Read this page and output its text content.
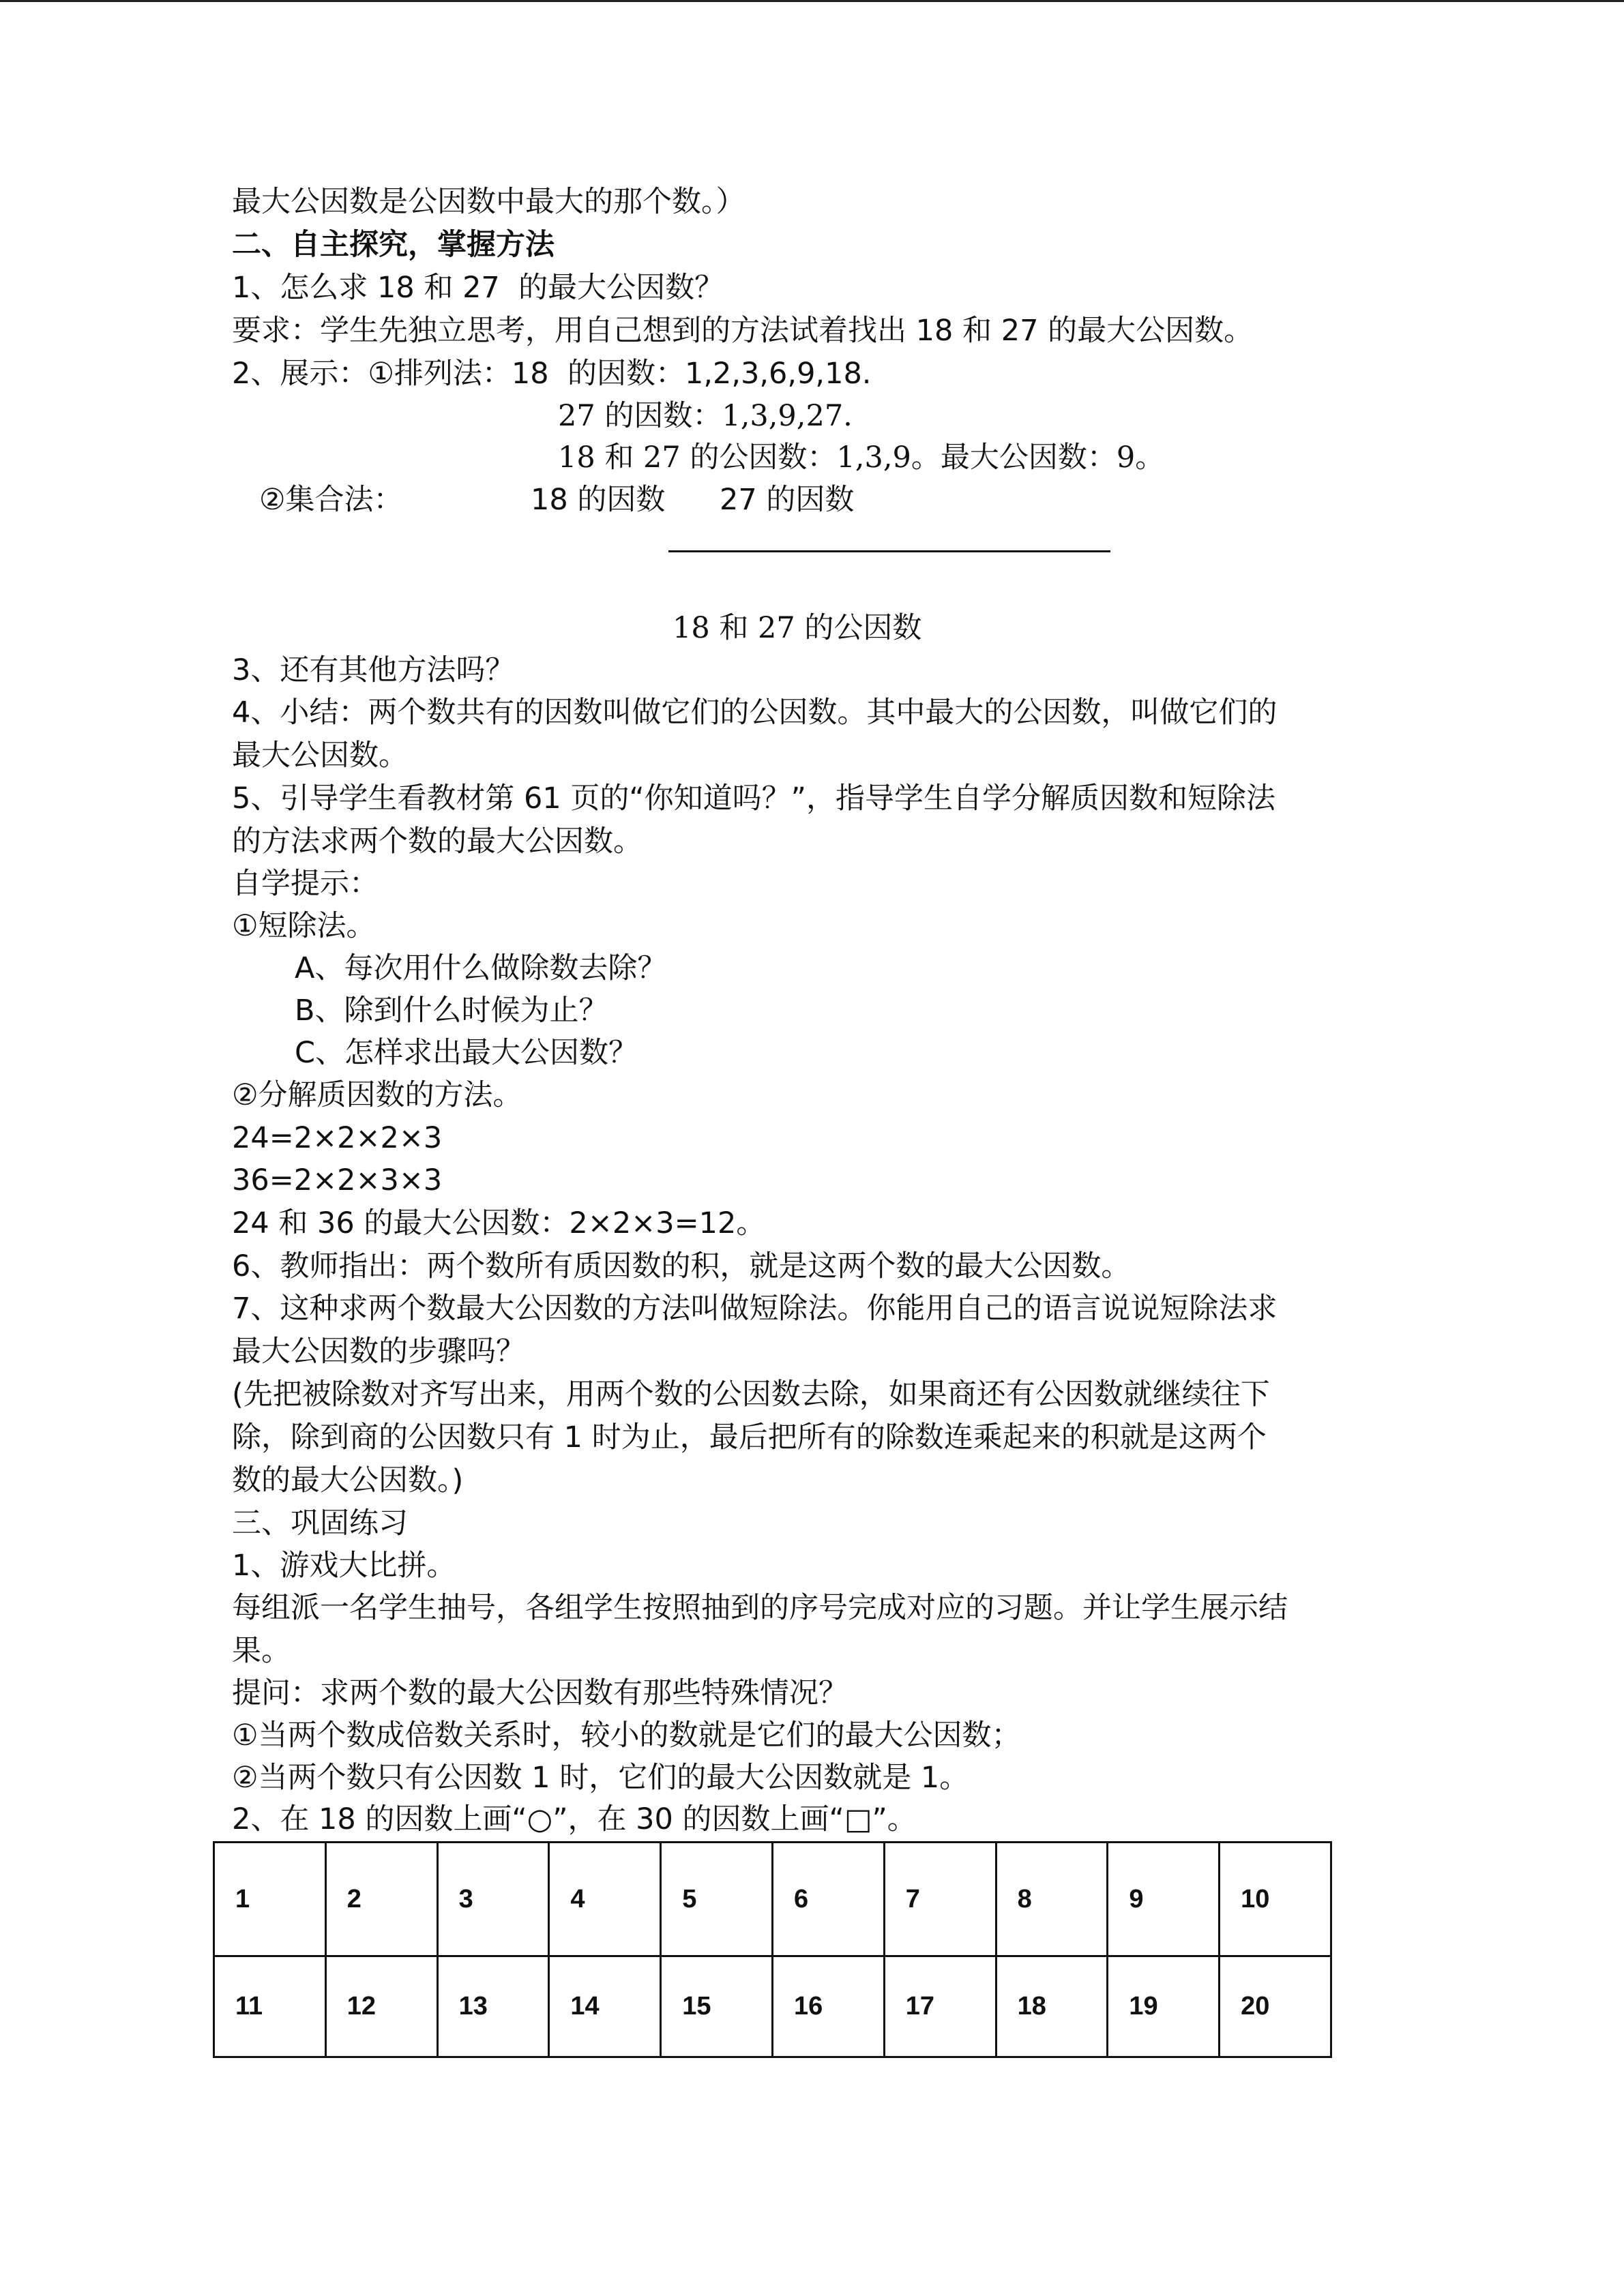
最大公因数是公因数中最大的那个数。）
二、自主探究，掌握方法
1、怎么求 18 和 27  的最大公因数？
要求：学生先独立思考，用自己想到的方法试着找出 18 和 27 的最大公因数。
2、展示：①排列法：18  的因数：1,2,3,6,9,18.
27 的因数：1,3,9,27.
18 和 27 的公因数：1,3,9。最大公因数：9。
②集合法：	18 的因数 27 的因数
18 和 27 的公因数
3、还有其他方法吗？
4、小结：两个数共有的因数叫做它们的公因数。其中最大的公因数，叫做它们的
最大公因数。
5、引导学生看教材第 61 页的“你知道吗？”，指导学生自学分解质因数和短除法
的方法求两个数的最大公因数。
自学提示：
①短除法。
A、每次用什么做除数去除？
B、除到什么时候为止？
C、怎样求出最大公因数？
②分解质因数的方法。
24=2×2×2×3
36=2×2×3×3
24 和 36 的最大公因数：2×2×3=12。
6、教师指出：两个数所有质因数的积，就是这两个数的最大公因数。
7、这种求两个数最大公因数的方法叫做短除法。你能用自己的语言说说短除法求
最大公因数的步骤吗？
(先把被除数对齐写出来，用两个数的公因数去除，如果商还有公因数就继续往下
除，除到商的公因数只有 1 时为止，最后把所有的除数连乘起来的积就是这两个
数的最大公因数。)
三、巩固练习
1、游戏大比拼。
每组派一名学生抽号，各组学生按照抽到的序号完成对应的习题。并让学生展示结
果。
提问：求两个数的最大公因数有那些特殊情况？
①当两个数成倍数关系时，较小的数就是它们的最大公因数；
②当两个数只有公因数 1 时，它们的最大公因数就是 1。
2、在 18 的因数上画“○”，在 30 的因数上画“□”。
1	2	3	4	5	6	7	8	9	10
11	12	13	14	15	16	17	18	19	20
